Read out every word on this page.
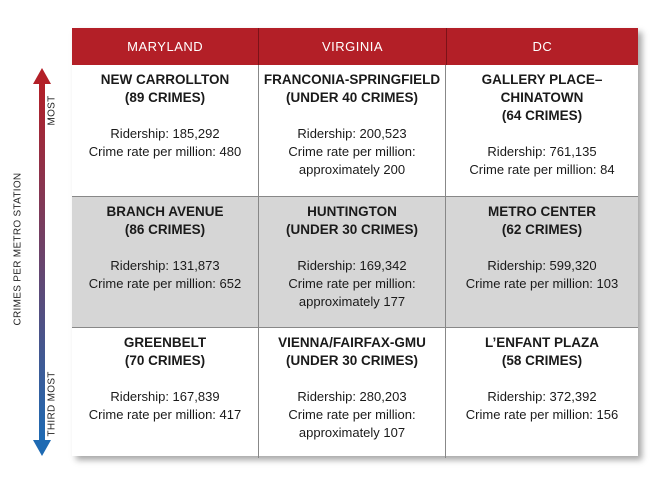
MOST
CRIMES PER METRO STATION
THIRD MOST
MARYLAND	VIRGINIA	DC
NEW CARROLLTON
(89 CRIMES)
Ridership: 185,292
Crime rate per million: 480
FRANCONIA-SPRINGFIELD
(UNDER 40 CRIMES)
Ridership: 200,523
Crime rate per million:
approximately 200
GALLERY PLACE–
CHINATOWN
(64 CRIMES)
Ridership: 761,135
Crime rate per million: 84
BRANCH AVENUE
(86 CRIMES)
Ridership: 131,873
Crime rate per million: 652
HUNTINGTON
(UNDER 30 CRIMES)
Ridership: 169,342
Crime rate per million:
approximately 177
METRO CENTER
(62 CRIMES)
Ridership: 599,320
Crime rate per million: 103
GREENBELT
(70 CRIMES)
Ridership: 167,839
Crime rate per million: 417
VIENNA/FAIRFAX-GMU
(UNDER 30 CRIMES)
Ridership: 280,203
Crime rate per million:
approximately 107
L’ENFANT PLAZA
(58 CRIMES)
Ridership: 372,392
Crime rate per million: 156
